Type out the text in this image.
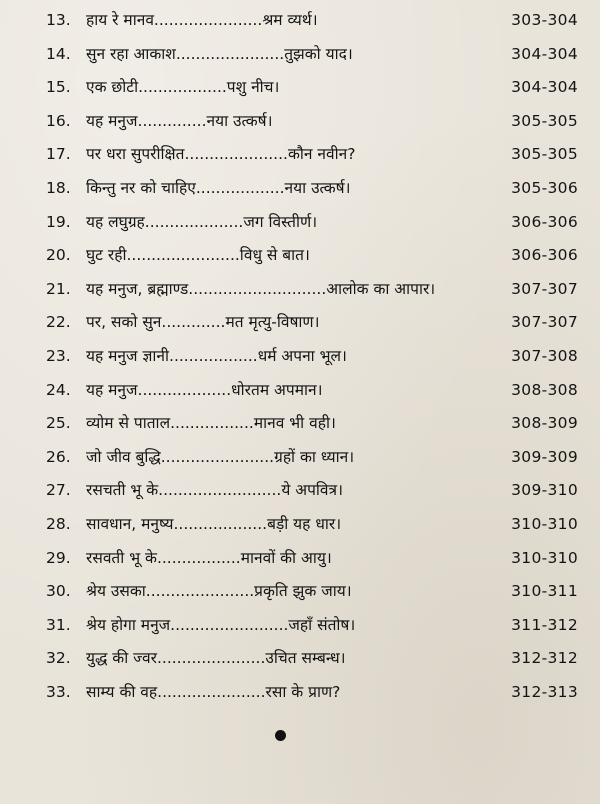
13. हाय रे मानव......................श्रम व्यर्थ।	303-304
14. सुन रहा आकाश......................तुझको याद।	304-304
15. एक छोटी..................पशु नीच।	304-304
16. यह मनुज..............नया उत्कर्ष।	305-305
17. पर धरा सुपरीक्षित.....................कौन नवीन?	305-305
18. किन्तु नर को चाहिए..................नया उत्कर्ष।	305-306
19. यह लघुग्रह....................जग विस्तीर्ण।	306-306
20. घुट रही.......................विधु से बात।	306-306
21. यह मनुज, ब्रह्माण्ड............................आलोक का आपार।	307-307
22. पर, सको सुन.............मत मृत्यु-विषाण।	307-307
23. यह मनुज ज्ञानी..................धर्म अपना भूल।	307-308
24. यह मनुज...................धोरतम अपमान।	308-308
25. व्योम से पाताल.................मानव भी वही।	308-309
26. जो जीव बुद्धि.......................ग्रहों का ध्यान।	309-309
27. रसचती भू के.........................ये अपवित्र।	309-310
28. सावधान, मनुष्य...................बड़ी यह धार।	310-310
29. रसवती भू के.................मानवों की आयु।	310-310
30. श्रेय उसका......................प्रकृति झुक जाय।	310-311
31. श्रेय होगा मनुज........................जहाँ संतोष।	311-312
32. युद्ध की ज्वर......................उचित सम्बन्ध।	312-312
33. साम्य की वह......................रसा के प्राण?	312-313
